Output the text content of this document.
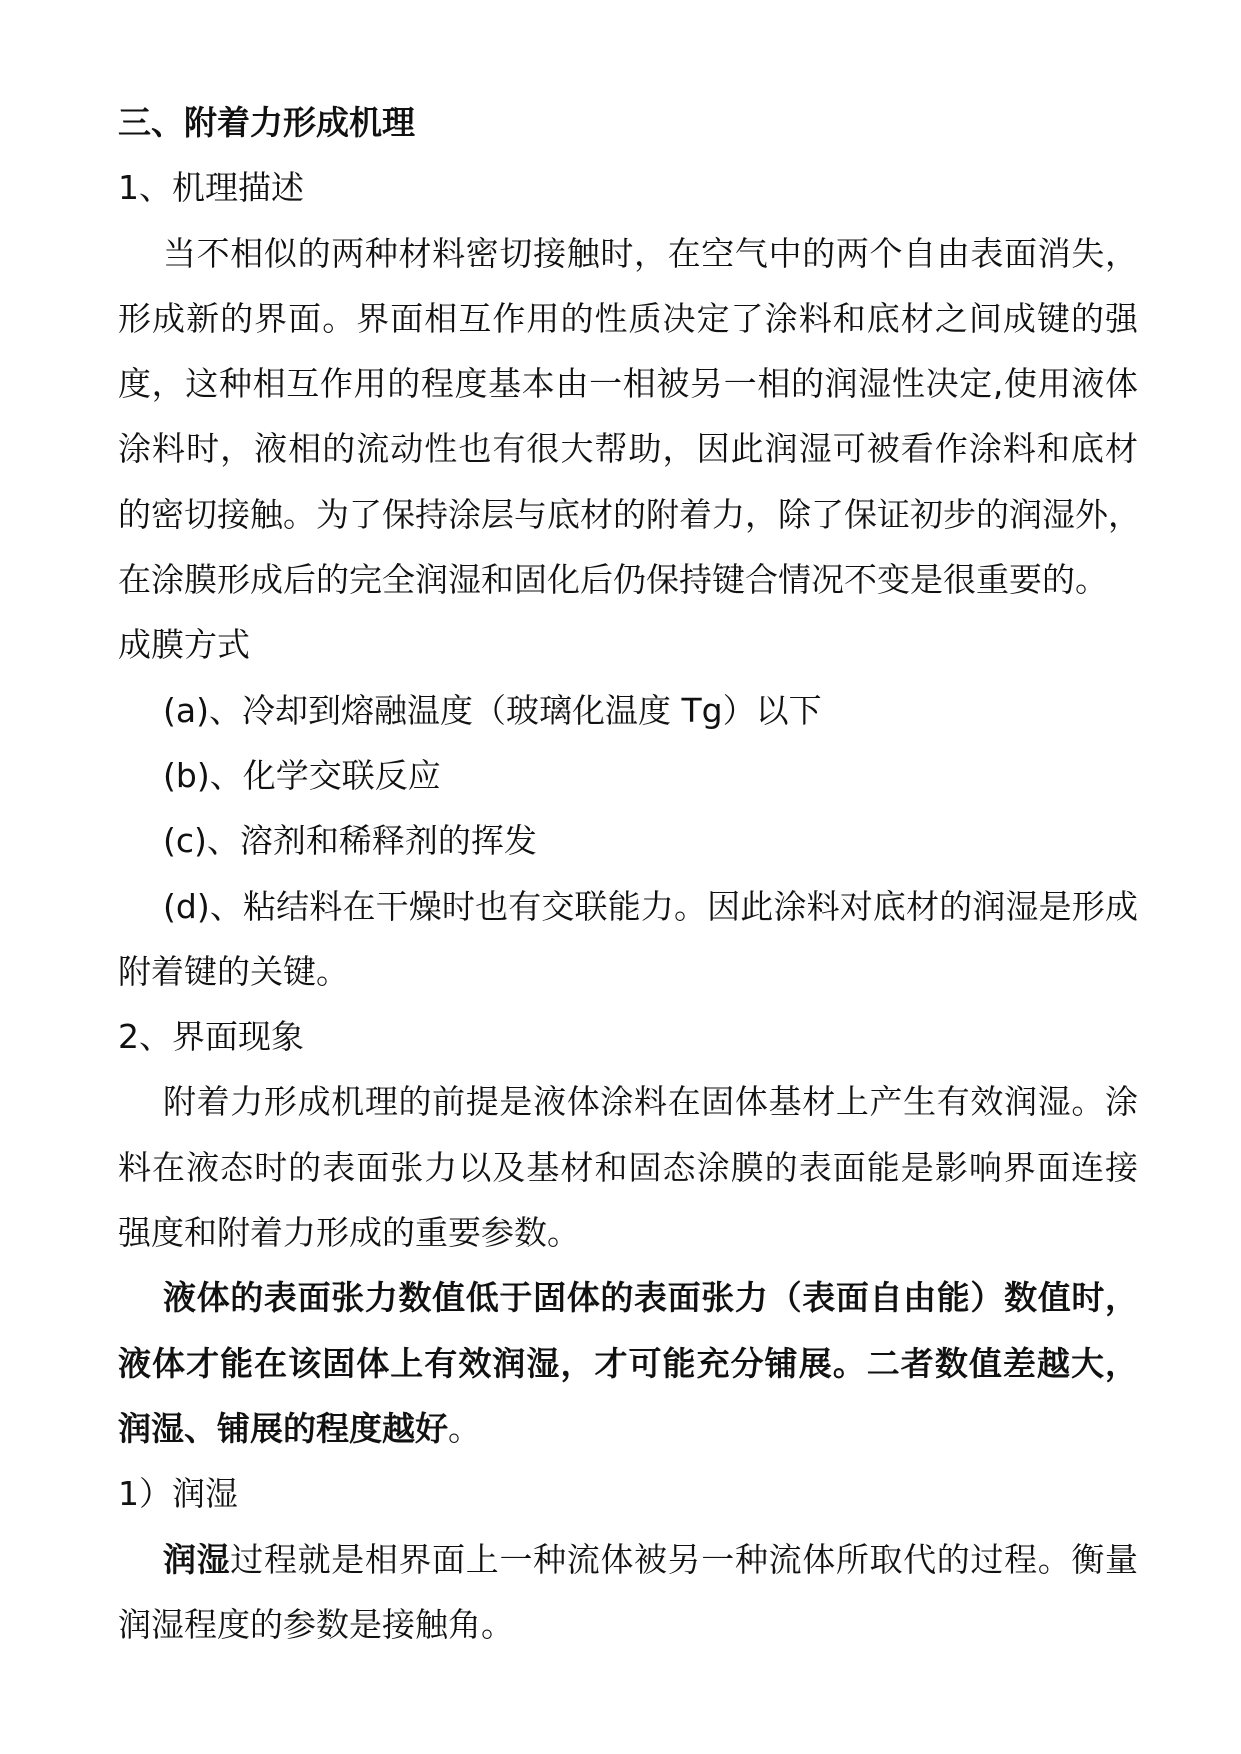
三、附着力形成机理
1、机理描述
当不相似的两种材料密切接触时，在空气中的两个自由表面消失，
形成新的界面。界面相互作用的性质决定了涂料和底材之间成键的强
度，这种相互作用的程度基本由一相被另一相的润湿性决定,使用液体
涂料时，液相的流动性也有很大帮助，因此润湿可被看作涂料和底材
的密切接触。为了保持涂层与底材的附着力，除了保证初步的润湿外，
在涂膜形成后的完全润湿和固化后仍保持键合情况不变是很重要的。
成膜方式
(a)、冷却到熔融温度（玻璃化温度 Tg）以下
(b)、化学交联反应
(c)、溶剂和稀释剂的挥发
(d)、粘结料在干燥时也有交联能力。因此涂料对底材的润湿是形成
附着键的关键。
2、界面现象
附着力形成机理的前提是液体涂料在固体基材上产生有效润湿。涂
料在液态时的表面张力以及基材和固态涂膜的表面能是影响界面连接
强度和附着力形成的重要参数。
液体的表面张力数值低于固体的表面张力（表面自由能）数值时，
液体才能在该固体上有效润湿，才可能充分铺展。二者数值差越大，
润湿、铺展的程度越好。
1）润湿
润湿过程就是相界面上一种流体被另一种流体所取代的过程。衡量
润湿程度的参数是接触角。
